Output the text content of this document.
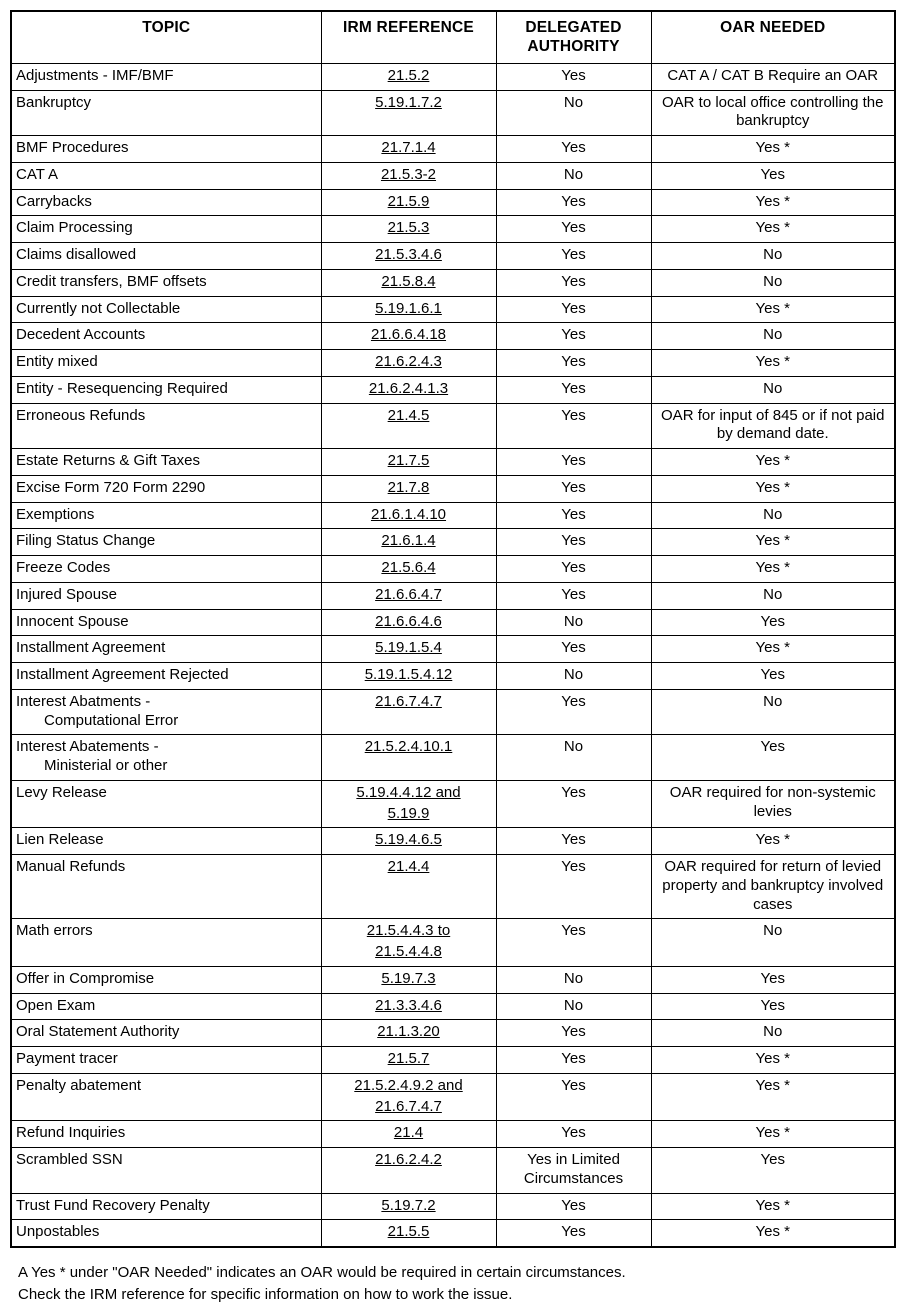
TOPIC	IRM REFERENCE	DELEGATED
AUTHORITY	OAR NEEDED
Adjustments - IMF/BMF	21.5.2	Yes	CAT A / CAT B Require an OAR
Bankruptcy	5.19.1.7.2	No	OAR to local office controlling the bankruptcy
BMF Procedures	21.7.1.4	Yes	Yes *
CAT A	21.5.3-2	No	Yes
Carrybacks	21.5.9	Yes	Yes *
Claim Processing	21.5.3	Yes	Yes *
Claims disallowed	21.5.3.4.6	Yes	No
Credit transfers, BMF offsets	21.5.8.4	Yes	No
Currently not Collectable	5.19.1.6.1	Yes	Yes *
Decedent Accounts	21.6.6.4.18	Yes	No
Entity mixed	21.6.2.4.3	Yes	Yes *
Entity - Resequencing Required	21.6.2.4.1.3	Yes	No
Erroneous Refunds	21.4.5	Yes	OAR for input of 845 or if not paid by demand date.
Estate Returns & Gift Taxes	21.7.5	Yes	Yes *
Excise Form 720 Form 2290	21.7.8	Yes	Yes *
Exemptions	21.6.1.4.10	Yes	No
Filing Status Change	21.6.1.4	Yes	Yes *
Freeze Codes	21.5.6.4	Yes	Yes *
Injured Spouse	21.6.6.4.7	Yes	No
Innocent Spouse	21.6.6.4.6	No	Yes
Installment Agreement	5.19.1.5.4	Yes	Yes *
Installment Agreement Rejected	5.19.1.5.4.12	No	Yes
Interest Abatments -
Computational Error	21.6.7.4.7	Yes	No
Interest Abatements -
Ministerial or other	21.5.2.4.10.1	No	Yes
Levy Release	5.19.4.4.12 and
5.19.9	Yes	OAR required for non-systemic levies
Lien Release	5.19.4.6.5	Yes	Yes *
Manual Refunds	21.4.4	Yes	OAR required for return of levied property and bankruptcy involved cases
Math errors	21.5.4.4.3 to
21.5.4.4.8	Yes	No
Offer in Compromise	5.19.7.3	No	Yes
Open Exam	21.3.3.4.6	No	Yes
Oral Statement Authority	21.1.3.20	Yes	No
Payment tracer	21.5.7	Yes	Yes *
Penalty abatement	21.5.2.4.9.2 and
21.6.7.4.7	Yes	Yes *
Refund Inquiries	21.4	Yes	Yes *
Scrambled SSN	21.6.2.4.2	Yes in Limited Circumstances	Yes
Trust Fund Recovery Penalty	5.19.7.2	Yes	Yes *
Unpostables	21.5.5	Yes	Yes *
A Yes * under "OAR Needed" indicates an OAR would be required in certain circumstances.
Check the IRM reference for specific information on how to work the issue.
